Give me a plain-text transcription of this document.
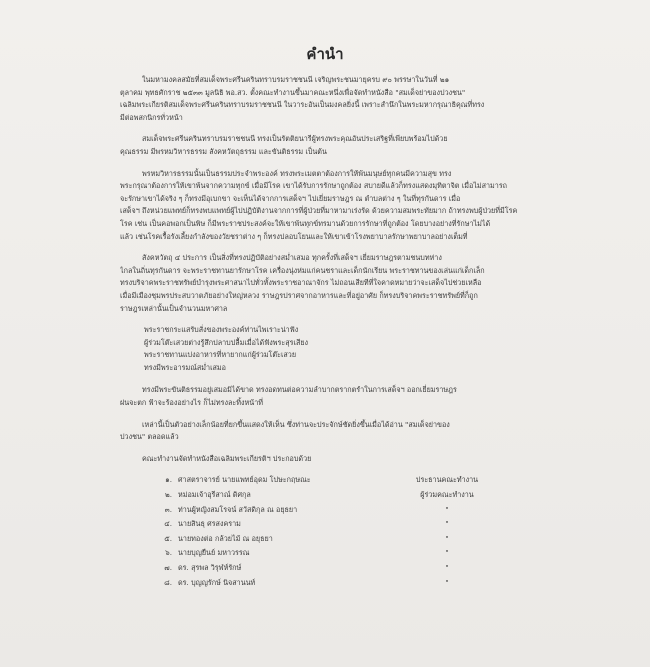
คำนำ
ในมหามงคลสมัยที่สมเด็จพระศรีนครินทราบรมราชชนนี เจริญพระชนมายุครบ ๙๐ พรรษาในวันที่ ๒๑
ตุลาคม พุทธศักราช ๒๕๓๓ มูลนิธิ พอ.สว. ตั้งคณะทำงานขึ้นมาคณะหนึ่งเพื่อจัดทำหนังสือ "สมเด็จย่าของปวงชน"
เฉลิมพระเกียรติสมเด็จพระศรีนครินทราบรมราชชนนี ในวาระอันเป็นมงคลยิ่งนี้ เพราะสำนึกในพระมหากรุณาธิคุณที่ทรง
มีต่อพสกนิกรทั่วหน้า
สมเด็จพระศรีนครินทราบรมราชชนนี ทรงเป็นรัตติยนารีผู้ทรงพระคุณอันประเสริฐที่เพียบพร้อมไปด้วย
คุณธรรม มีพรหมวิหารธรรม สังคหวัตถุธรรม และขันติธรรม เป็นต้น
พรหมวิหารธรรมนั้นเป็นธรรมประจำพระองค์ ทรงพระเมตตาต้องการให้พ้นมนุษย์ทุกคนมีความสุข ทรง
พระกรุณาต้องการให้เขาพ้นจากความทุกข์ เมื่อมีโรค เขาได้รับการรักษาถูกต้อง สบายดีแล้วก็ทรงแสดงมุทิตาจิต เมื่อไม่สามารถ
จะรักษาเขาได้จริง ๆ ก็ทรงมีอุเบกขา จะเห็นได้จากการเสด็จฯ ไปเยี่ยมราษฎร ณ ตำบลต่าง ๆ ในที่ทุรกันดาร เมื่อ
เสด็จฯ ถึงหน่วยแพทย์ก็ทรงพบแพทย์ผู้ไปปฏิบัติงานจากการที่ผู้ป่วยที่มาหามาเร่งรัด ด้วยความสมพระทัยมาก ถ้าทรงพบผู้ป่วยที่มีโรค
โรค เช่น เป็นคอพอกเป็นพิษ ก็มีพระราชประสงค์จะให้เขาพ้นทุกข์ทรมานด้วยการรักษาที่ถูกต้อง โดยบางอย่างที่รักษาไม่ได้
แล้ว เช่นโรคเรื้อรังเลี้ยงกำลังของวัยชราต่าง ๆ ก็ทรงปลอบโยนและให้เขาเข้าโรงพยาบาลรักษาพยาบาลอย่างเต็มที่
สังคหวัตถุ ๔ ประการ เป็นสิ่งที่ทรงปฏิบัติอย่างสม่ำเสมอ ทุกครั้งที่เสด็จฯ เยี่ยมราษฎรตามชนบทห่าง
ไกลในถิ่นทุรกันดาร จะพระราชทานยารักษาโรค เครื่องนุ่งห่มแก่คนชราและเด็กนักเรียน พระราชทานของเล่นแก่เด็กเล็ก
ทรงบริจาคพระราชทรัพย์บำรุงพระศาสนาไปทั่วทั้งพระราชอาณาจักร ไม่ถอนเสียทีที่ใจคาดหมายว่าจะเสด็จไปช่วยเหลือ
เมื่อมีเมืองชุมพรประสบวาตภัยอย่างใหญ่หลวง ราษฎรปราศจากอาหารและที่อยู่อาศัย ก็ทรงบริจาคพระราชทรัพย์ที่ก็ถูก
ราษฎรเหล่านั้นเป็นจำนวนมหาศาล
พระราชกระแสรับสั่งของพระองค์ท่านไพเราะน่าฟัง
ผู้ร่วมโต๊ะเสวยต่างรู้สึกปลาบปลื้มเมื่อได้ฟังพระสุรเสียง
พระราชทานแบ่งอาหารที่หายากแก่ผู้ร่วมโต๊ะเสวย
ทรงมีพระอารมณ์สม่ำเสมอ
ทรงมีพระขันติธรรมอยู่เสมอมิได้ขาด ทรงอดทนต่อความลำบากตรากตรำในการเสด็จฯ ออกเยี่ยมราษฎร
ฝนจะตก ฟ้าจะร้องอย่างไร ก็ไม่ทรงละทิ้งหน้าที่
เหล่านี้เป็นตัวอย่างเล็กน้อยที่ยกขึ้นแสดงให้เห็น ซึ่งท่านจะประจักษ์ชัดยิ่งขึ้นเมื่อได้อ่าน "สมเด็จย่าของ
ปวงชน" ตลอดแล้ว
คณะทำงานจัดทำหนังสือเฉลิมพระเกียรติฯ ประกอบด้วย
๑. ศาสตราจารย์ นายแพทย์อุดม โปษะกฤษณะ	ประธานคณะทำงาน
๒. หม่อมเจ้าอุรีสาณ์ ดิศกุล	ผู้ร่วมคณะทำงาน
๓. ท่านผู้หญิงสมโรจน์ สวัสดิกุล ณ อยุธยา	"
๔. นายสินธุ ศรสงคราม	"
๕. นายทองต่อ กล้วยไม้ ณ อยุธยา	"
๖. นายบุญยืนย์ มหาวรรณ	"
๗. ดร. สุรพล วิรุฬห์รักษ์	"
๘. ดร. บุญญรักษ์ นิจสานนท์	"
